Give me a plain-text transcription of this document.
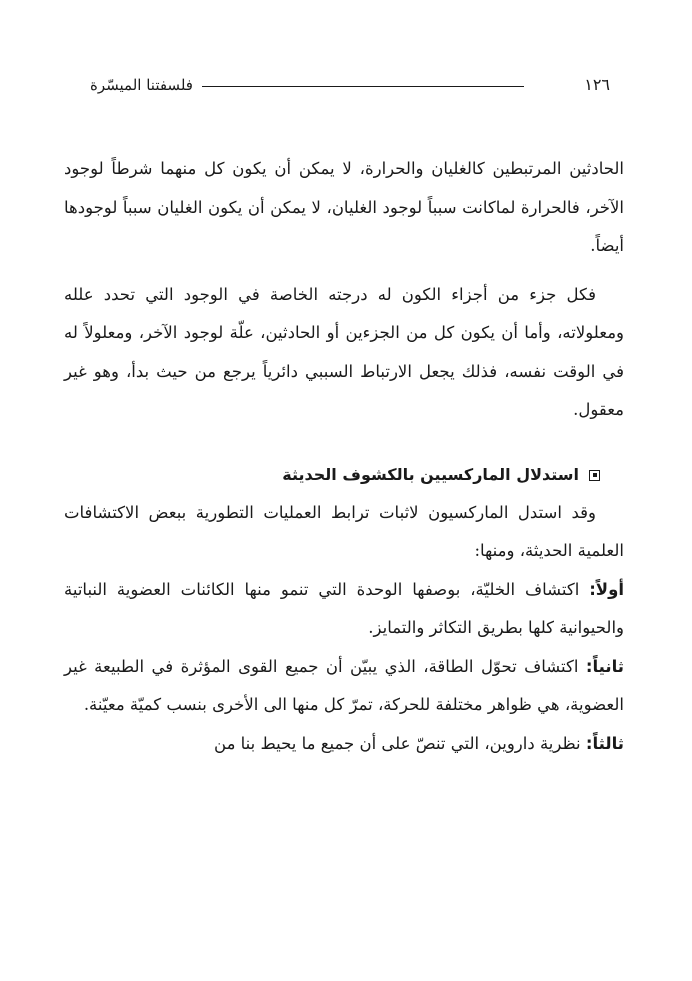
فلسفتنا الميسّرة	١٢٦

الحادثين المرتبطين كالغليان والحرارة، لا يمكن أن يكون كل منهما شرطاً لوجود الآخر، فالحرارة لماكانت سبباً لوجود الغليان، لا يمكن أن يكون الغليان سبباً لوجودها أيضاً.

فكل جزء من أجزاء الكون له درجته الخاصة في الوجود التي تحدد علله ومعلولاته، وأما أن يكون كل من الجزءين أو الحادثين، علّة لوجود الآخر، ومعلولاً له في الوقت نفسه، فذلك يجعل الارتباط السببي دائرياً يرجع من حيث بدأ، وهو غير معقول.

استدلال الماركسيين بالكشوف الحديثة

وقد استدل الماركسيون لاثبات ترابط العمليات التطورية ببعض الاكتشافات العلمية الحديثة، ومنها:

أولاً: اكتشاف الخليّة، بوصفها الوحدة التي تنمو منها الكائنات العضوية النباتية والحيوانية كلها بطريق التكاثر والتمايز.

ثانياً: اكتشاف تحوّل الطاقة، الذي يبيّن أن جميع القوى المؤثرة في الطبيعة غير العضوية، هي ظواهر مختلفة للحركة، تمرّ كل منها الى الأخرى بنسب كميّة معيّنة.

ثالثاً: نظرية داروين، التي تنصّ على أن جميع ما يحيط بنا من
